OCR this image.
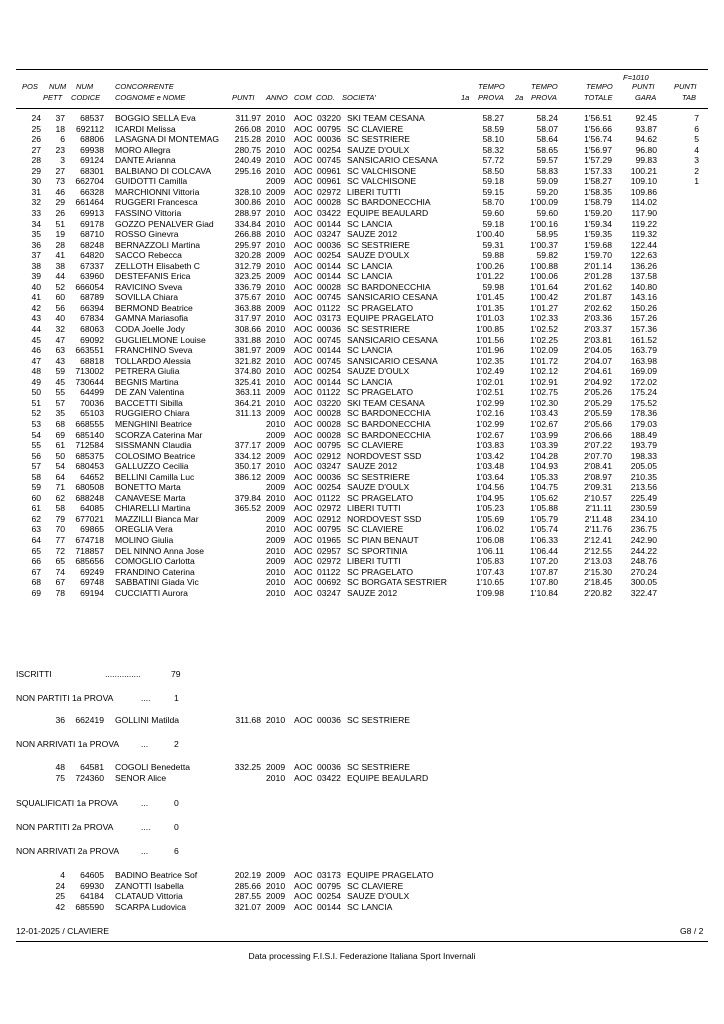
F=1010
CONCORRENTE	TEMPO	TEMPO	TEMPO	PUNTI	PUNTI
POS NUM NUM
PETT CODICE COGNOME e NOME	PUNTI ANNO COM COD. SOCIETA'	1a PROVA 2a PROVA	TOTALE	GARA	TAB
24	37	68537 BOGGIO SELLA Eva	311.97 2010	AOC 03220 SKI TEAM CESANA	58.27	58.24	1'56.51	92.45	7
25	18	692112 ICARDI Melissa	266.08 2010	AOC 00795 SC CLAVIERE	58.59	58.07	1'56.66	93.87	6
26	6	68806 LASAGNA DI MONTEMAG	215.28 2010	AOC 00036 SC SESTRIERE	58.10	58.64	1'56.74	94.62	5
27	23	69938 MORO Allegra	280.75 2010	AOC 00254 SAUZE D'OULX	58.32	58.65	1'56.97	96.80	4
28	3	69124 DANTE Arianna	240.49 2010	AOC 00745 SANSICARIO CESANA	57.72	59.57	1'57.29	99.83	3
29	27	68301 BALBIANO DI COLCAVA	295.16 2010	AOC 00961 SC VALCHISONE	58.50	58.83	1'57.33	100.21	2
30	73	662704 GUIDOTTI Camilla	2009	AOC 00961 SC VALCHISONE	59.18	59.09	1'58.27	109.10	1
31	46	66328 MARCHIONNI Vittoria	328.10 2009	AOC 02972 LIBERI TUTTI	59.15	59.20	1'58.35	109.86
32	29	661464 RUGGERI Francesca	300.86 2010	AOC 00028 SC BARDONECCHIA	58.70	1'00.09	1'58.79	114.02
33	26	69913 FASSINO Vittoria	288.97 2010	AOC 03422 EQUIPE BEAULARD	59.60	59.60	1'59.20	117.90
34	51	69178 GOZZO PENALVER Giad	334.84 2010	AOC 00144 SC LANCIA	59.18	1'00.16	1'59.34	119.22
35	19	68710 ROSSO Ginevra	266.88 2010	AOC 03247 SAUZE 2012	1'00.40	58.95	1'59.35	119.32
36	28	68248 BERNAZZOLI Martina	295.97 2010	AOC 00036 SC SESTRIERE	59.31	1'00.37	1'59.68	122.44
37	41	64820 SACCO Rebecca	320.28 2009	AOC 00254 SAUZE D'OULX	59.88	59.82	1'59.70	122.63
38	38	67337 ZELLOTH Elisabeth C	312.79 2010	AOC 00144 SC LANCIA	1'00.26	1'00.88	2'01.14	136.26
39	44	63960 DESTEFANIS Erica	323.25 2009	AOC 00144 SC LANCIA	1'01.22	1'00.06	2'01.28	137.58
40	52	666054 RAVICINO Sveva	336.79 2010	AOC 00028 SC BARDONECCHIA	59.98	1'01.64	2'01.62	140.80
41	60	68789 SOVILLA Chiara	375.67 2010	AOC 00745 SANSICARIO CESANA	1'01.45	1'00.42	2'01.87	143.16
42	56	66394 BERMOND Beatrice	363.88 2009	AOC 01122 SC PRAGELATO	1'01.35	1'01.27	2'02.62	150.26
43	40	67834 GAMNA Mariasofia	317.97 2010	AOC 03173 EQUIPE PRAGELATO	1'01.03	1'02.33	2'03.36	157.26
44	32	68063 CODA Joelle Jody	308.66 2010	AOC 00036 SC SESTRIERE	1'00.85	1'02.52	2'03.37	157.36
45	47	69092 GUGLIELMONE Louise	331.88 2010	AOC 00745 SANSICARIO CESANA	1'01.56	1'02.25	2'03.81	161.52
46	63	663551 FRANCHINO Sveva	381.97 2009	AOC 00144 SC LANCIA	1'01.96	1'02.09	2'04.05	163.79
47	43	68818 TOLLARDO Alessia	321.82 2010	AOC 00745 SANSICARIO CESANA	1'02.35	1'01.72	2'04.07	163.98
48	59	713002 PETRERA Giulia	374.80 2010	AOC 00254 SAUZE D'OULX	1'02.49	1'02.12	2'04.61	169.09
49	45	730644 BEGNIS Martina	325.41 2010	AOC 00144 SC LANCIA	1'02.01	1'02.91	2'04.92	172.02
50	55	64499 DE ZAN Valentina	363.11 2009	AOC 01122 SC PRAGELATO	1'02.51	1'02.75	2'05.26	175.24
51	57	70036 BACCETTI Sibilla	364.21 2010	AOC 03220 SKI TEAM CESANA	1'02.99	1'02.30	2'05.29	175.52
52	35	65103 RUGGIERO Chiara	311.13 2009	AOC 00028 SC BARDONECCHIA	1'02.16	1'03.43	2'05.59	178.36
53	68	668555 MENGHINI Beatrice	2010	AOC 00028 SC BARDONECCHIA	1'02.99	1'02.67	2'05.66	179.03
54	69	685140 SCORZA Caterina Mar	2009	AOC 00028 SC BARDONECCHIA	1'02.67	1'03.99	2'06.66	188.49
55	61	712584 SISSMANN Claudia	377.17 2009	AOC 00795 SC CLAVIERE	1'03.83	1'03.39	2'07.22	193.79
56	50	685375 COLOSIMO Beatrice	334.12 2009	AOC 02912 NORDOVEST SSD	1'03.42	1'04.28	2'07.70	198.33
57	54	680453 GALLUZZO Cecilia	350.17 2010	AOC 03247 SAUZE 2012	1'03.48	1'04.93	2'08.41	205.05
58	64	64652 BELLINI Camilla Luc	386.12 2009	AOC 00036 SC SESTRIERE	1'03.64	1'05.33	2'08.97	210.35
59	71	680508 BONETTO Marta	2009	AOC 00254 SAUZE D'OULX	1'04.56	1'04.75	2'09.31	213.56
60	62	688248 CANAVESE Marta	379.84 2010	AOC 01122 SC PRAGELATO	1'04.95	1'05.62	2'10.57	225.49
61	58	64085 CHIARELLI Martina	365.52 2009	AOC 02972 LIBERI TUTTI	1'05.23	1'05.88	2'11.11	230.59
62	79	677021 MAZZILLI Bianca Mar	2009	AOC 02912 NORDOVEST SSD	1'05.69	1'05.79	2'11.48	234.10
63	70	69865 OREGLIA Vera	2010	AOC 00795 SC CLAVIERE	1'06.02	1'05.74	2'11.76	236.75
64	77	674718 MOLINO Giulia	2009	AOC 01965 SC PIAN BENAUT	1'06.08	1'06.33	2'12.41	242.90
65	72	718857 DEL NINNO Anna Jose	2010	AOC 02957 SC SPORTINIA	1'06.11	1'06.44	2'12.55	244.22
66	65	685656 COMOGLIO Carlotta	2009	AOC 02972 LIBERI TUTTI	1'05.83	1'07.20	2'13.03	248.76
67	74	69249 FRANDINO Caterina	2010	AOC 01122 SC PRAGELATO	1'07.43	1'07.87	2'15.30	270.24
68	67	69748 SABBATINI Giada Vic	2010	AOC 00692 SC BORGATA SESTRIER	1'10.65	1'07.80	2'18.45	300.05
69	78	69194 CUCCIATTI Aurora	2010	AOC 03247 SAUZE 2012	1'09.98	1'10.84	2'20.82	322.47
ISCRITTI	...............	79
NON PARTITI 1a PROVA	....	1
36	662419 GOLLINI Matilda	311.68 2010	AOC 00036 SC SESTRIERE
NON ARRIVATI 1a PROVA	...	2
48	64581 COGOLI Benedetta	332.25 2009	AOC 00036 SC SESTRIERE
75	724360 SENOR Alice	2010	AOC 03422 EQUIPE BEAULARD
SQUALIFICATI 1a PROVA	...	0
NON PARTITI 2a PROVA	....	0
NON ARRIVATI 2a PROVA	...	6
4	64605 BADINO Beatrice Sof	202.19 2009	AOC 03173 EQUIPE PRAGELATO
24	69930 ZANOTTI Isabella	285.66 2010	AOC 00795 SC CLAVIERE
25	64184 CLATAUD Vittoria	287.55 2009	AOC 00254 SAUZE D'OULX
42	685590 SCARPA Ludovica	321.07 2009	AOC 00144 SC LANCIA
12-01-2025 / CLAVIERE	G8 / 2
Data processing F.I.S.I. Federazione Italiana Sport Invernali
